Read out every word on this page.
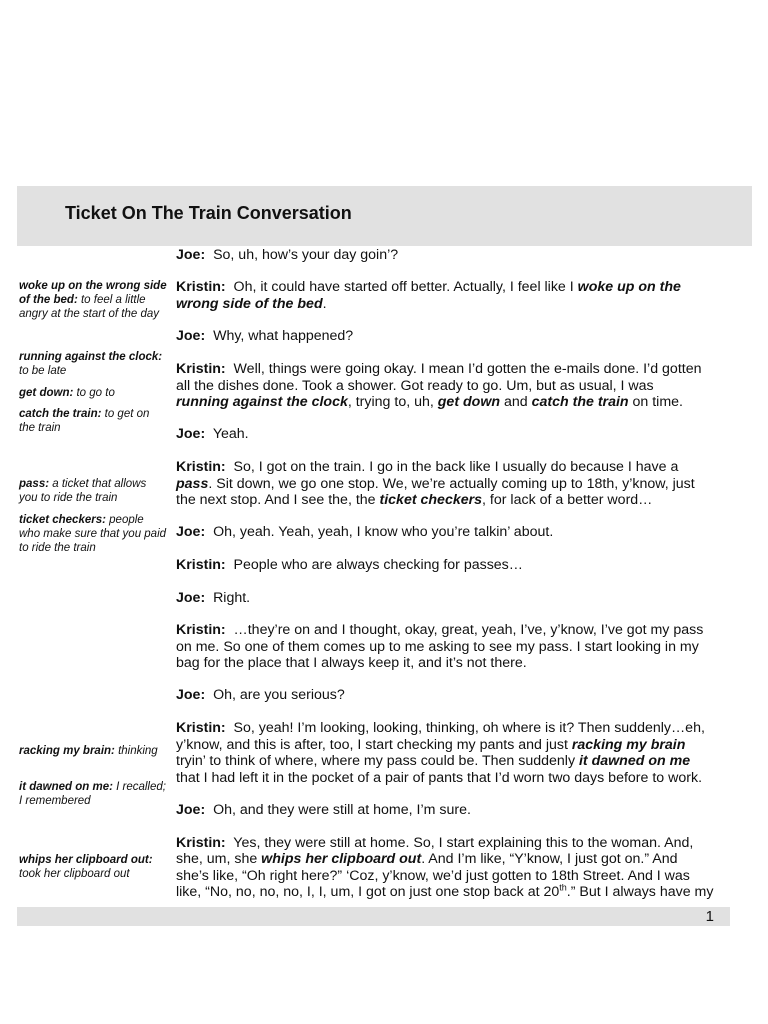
Ticket On The Train Conversation
woke up on the wrong side of the bed: to feel a little angry at the start of the day
running against the clock: to be late
get down: to go to
catch the train: to get on the train
pass: a ticket that allows you to ride the train
ticket checkers: people who make sure that you paid to ride the train
racking my brain: thinking
it dawned on me: I recalled; I remembered
whips her clipboard out: took her clipboard out
Joe: So, uh, how’s your day goin’?
Kristin: Oh, it could have started off better. Actually, I feel like I woke up on the
wrong side of the bed.
Joe: Why, what happened?
Kristin: Well, things were going okay. I mean I’d gotten the e-mails done. I’d gotten
all the dishes done. Took a shower. Got ready to go. Um, but as usual, I was
running against the clock, trying to, uh, get down and catch the train on time.
Joe: Yeah.
Kristin: So, I got on the train. I go in the back like I usually do because I have a
pass. Sit down, we go one stop. We, we’re actually coming up to 18th, y’know, just
the next stop. And I see the, the ticket checkers, for lack of a better word…
Joe: Oh, yeah. Yeah, yeah, I know who you’re talkin’ about.
Kristin: People who are always checking for passes…
Joe: Right.
Kristin: …they’re on and I thought, okay, great, yeah, I’ve, y’know, I’ve got my pass
on me. So one of them comes up to me asking to see my pass. I start looking in my
bag for the place that I always keep it, and it’s not there.
Joe: Oh, are you serious?
Kristin: So, yeah! I’m looking, looking, thinking, oh where is it? Then suddenly…eh,
y’know, and this is after, too, I start checking my pants and just racking my brain
tryin’ to think of where, where my pass could be. Then suddenly it dawned on me
that I had left it in the pocket of a pair of pants that I’d worn two days before to work.
Joe: Oh, and they were still at home, I’m sure.
Kristin: Yes, they were still at home. So, I start explaining this to the woman. And,
she, um, she whips her clipboard out. And I’m like, “Y’know, I just got on.” And
she’s like, “Oh right here?” ‘Coz, y’know, we’d just gotten to 18th Street. And I was
like, “No, no, no, no, I, I, um, I got on just one stop back at 20th.” But I always have my
1
